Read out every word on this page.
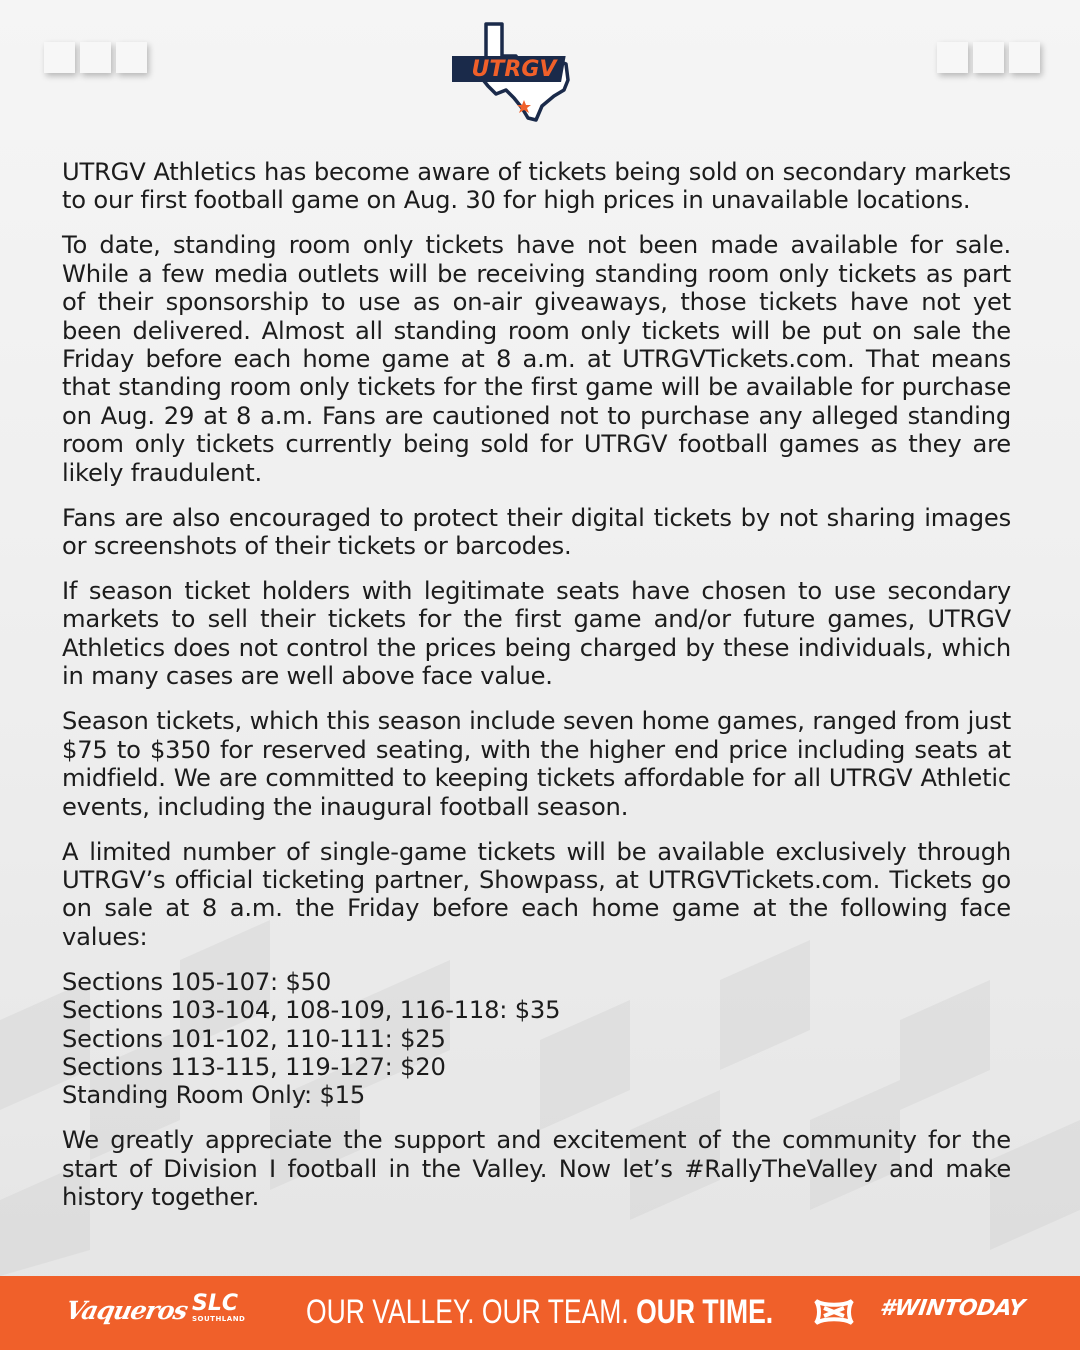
UTRGV

UTRGV Athletics has become aware of tickets being sold on secondary markets to our first football game on Aug. 30 for high prices in unavailable locations.

To date, standing room only tickets have not been made available for sale. While a few media outlets will be receiving standing room only tickets as part of their sponsorship to use as on-air giveaways, those tickets have not yet been delivered. Almost all standing room only tickets will be put on sale the Friday before each home game at 8 a.m. at UTRGVTickets.com. That means that standing room only tickets for the first game will be available for purchase on Aug. 29 at 8 a.m. Fans are cautioned not to purchase any alleged standing room only tickets currently being sold for UTRGV football games as they are likely fraudulent.

Fans are also encouraged to protect their digital tickets by not sharing images or screenshots of their tickets or barcodes.

If season ticket holders with legitimate seats have chosen to use secondary markets to sell their tickets for the first game and/or future games, UTRGV Athletics does not control the prices being charged by these individuals, which in many cases are well above face value.

Season tickets, which this season include seven home games, ranged from just $75 to $350 for reserved seating, with the higher end price including seats at midfield. We are committed to keeping tickets affordable for all UTRGV Athletic events, including the inaugural football season.

A limited number of single-game tickets will be available exclusively through UTRGV’s official ticketing partner, Showpass, at UTRGVTickets.com. Tickets go on sale at 8 a.m. the Friday before each home game at the following face values:

Sections 105-107: $50
Sections 103-104, 108-109, 116-118: $35
Sections 101-102, 110-111: $25
Sections 113-115, 119-127: $20
Standing Room Only: $15

We greatly appreciate the support and excitement of the community for the start of Division I football in the Valley. Now let’s #RallyTheValley and make history together.

Vaqueros SLC
SOUTHLAND	OUR VALLEY. OUR TEAM. OUR TIME.	#WINTODAY
